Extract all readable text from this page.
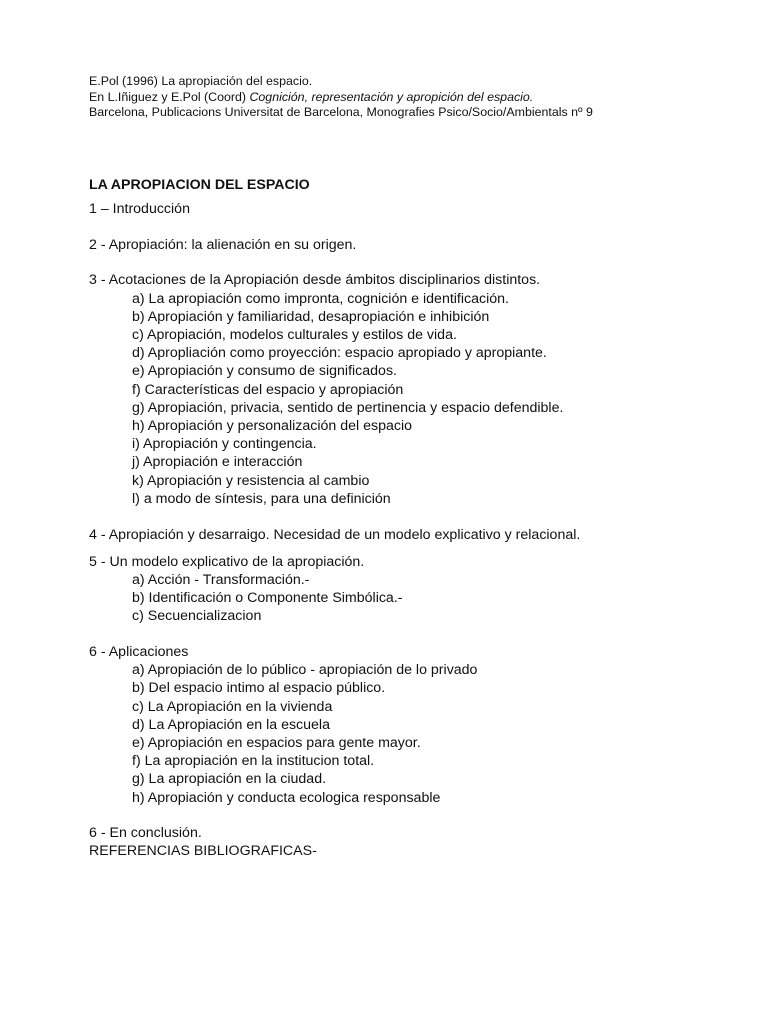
E.Pol (1996) La apropiación del espacio.
En L.Iñiguez y E.Pol (Coord) Cognición, representación y apropición del espacio.
Barcelona, Publicacions Universitat de Barcelona, Monografies Psico/Socio/Ambientals nº 9
LA APROPIACION DEL ESPACIO
1 – Introducción
2 - Apropiación: la alienación en su origen.
3 - Acotaciones de la Apropiación desde ámbitos disciplinarios distintos.
a) La apropiación como impronta, cognición e identificación.
b) Apropiación y familiaridad, desapropiación e inhibición
c) Apropiación, modelos culturales y estilos de vida.
d) Apropliación como proyección: espacio apropiado y apropiante.
e) Apropiación y consumo de significados.
f) Características del espacio y apropiación
g) Apropiación, privacia, sentido de pertinencia y espacio defendible.
h) Apropiación y personalización del espacio
i) Apropiación y contingencia.
j) Apropiación e interacción
k) Apropiación y resistencia al cambio
l) a modo de síntesis, para una definición
4 - Apropiación y desarraigo. Necesidad de un modelo explicativo y relacional.
5 - Un modelo explicativo de la apropiación.
a) Acción - Transformación.-
b) Identificación o Componente Simbólica.-
c) Secuencializacion
6 - Aplicaciones
a) Apropiación de lo público - apropiación de lo privado
b) Del espacio intimo al espacio público.
c) La Apropiación en la vivienda
d) La Apropiación en la escuela
e) Apropiación en espacios para gente mayor.
f) La apropiación en la institucion total.
g) La apropiación en la ciudad.
h) Apropiación y conducta ecologica responsable
6 - En conclusión.
REFERENCIAS BIBLIOGRAFICAS-
